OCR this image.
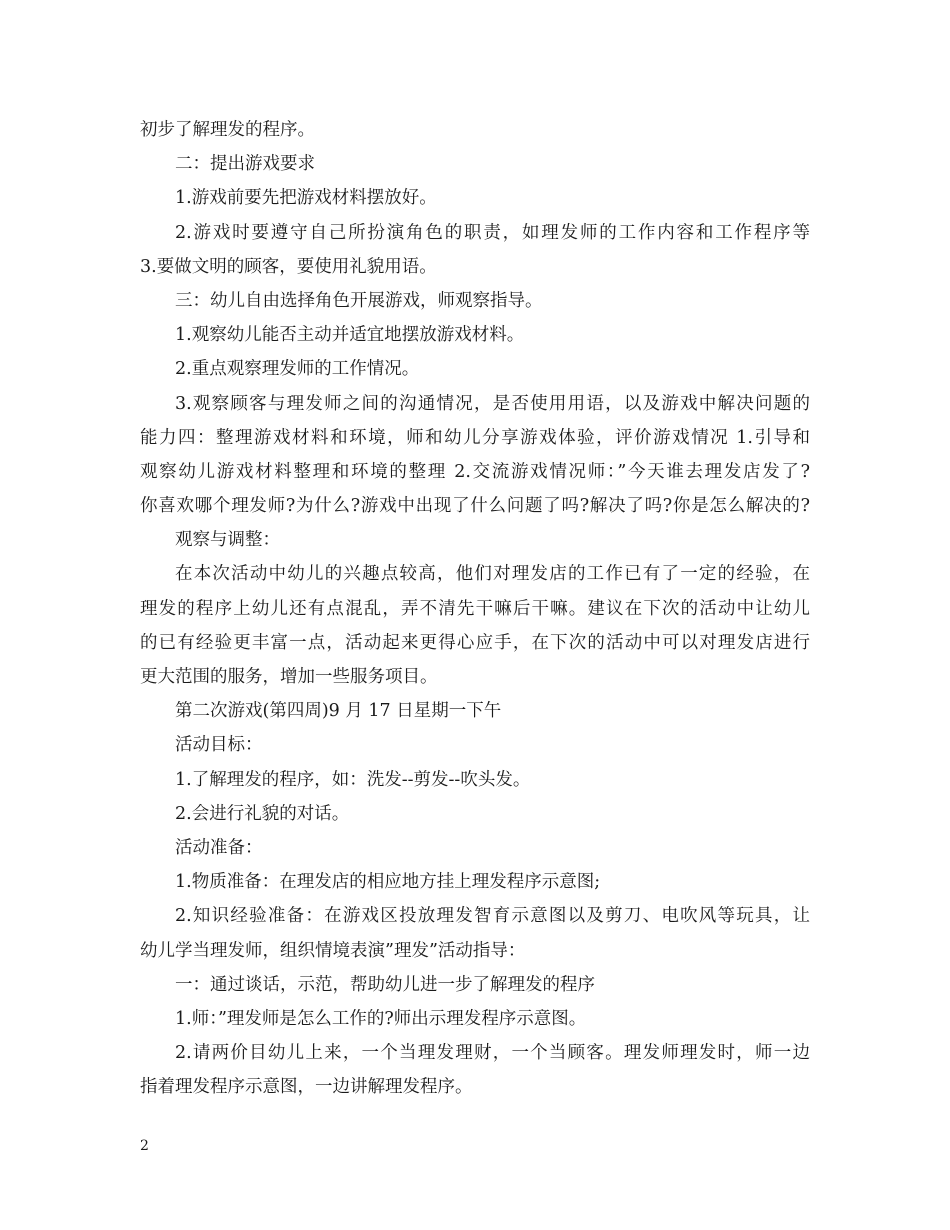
初步了解理发的程序。
二：提出游戏要求
1.游戏前要先把游戏材料摆放好。
2.游戏时要遵守自己所扮演角色的职责，如理发师的工作内容和工作程序等
3.要做文明的顾客，要使用礼貌用语。
三：幼儿自由选择角色开展游戏，师观察指导。
1.观察幼儿能否主动并适宜地摆放游戏材料。
2.重点观察理发师的工作情况。
3.观察顾客与理发师之间的沟通情况，是否使用用语，以及游戏中解决问题的
能力四：整理游戏材料和环境，师和幼儿分享游戏体验，评价游戏情况 1.引导和
观察幼儿游戏材料整理和环境的整理 2.交流游戏情况师：”今天谁去理发店发了?
你喜欢哪个理发师?为什么?游戏中出现了什么问题了吗?解决了吗?你是怎么解决的?
观察与调整：
在本次活动中幼儿的兴趣点较高，他们对理发店的工作已有了一定的经验，在
理发的程序上幼儿还有点混乱，弄不清先干嘛后干嘛。建议在下次的活动中让幼儿
的已有经验更丰富一点，活动起来更得心应手，在下次的活动中可以对理发店进行
更大范围的服务，增加一些服务项目。
第二次游戏(第四周)9 月 17 日星期一下午
活动目标：
1.了解理发的程序，如：洗发--剪发--吹头发。
2.会进行礼貌的对话。
活动准备：
1.物质准备：在理发店的相应地方挂上理发程序示意图;
2.知识经验准备：在游戏区投放理发智育示意图以及剪刀、电吹风等玩具，让
幼儿学当理发师，组织情境表演”理发”活动指导：
一：通过谈话，示范，帮助幼儿进一步了解理发的程序
1.师：”理发师是怎么工作的?师出示理发程序示意图。
2.请两价目幼儿上来，一个当理发理财，一个当顾客。理发师理发时，师一边
指着理发程序示意图，一边讲解理发程序。
2
